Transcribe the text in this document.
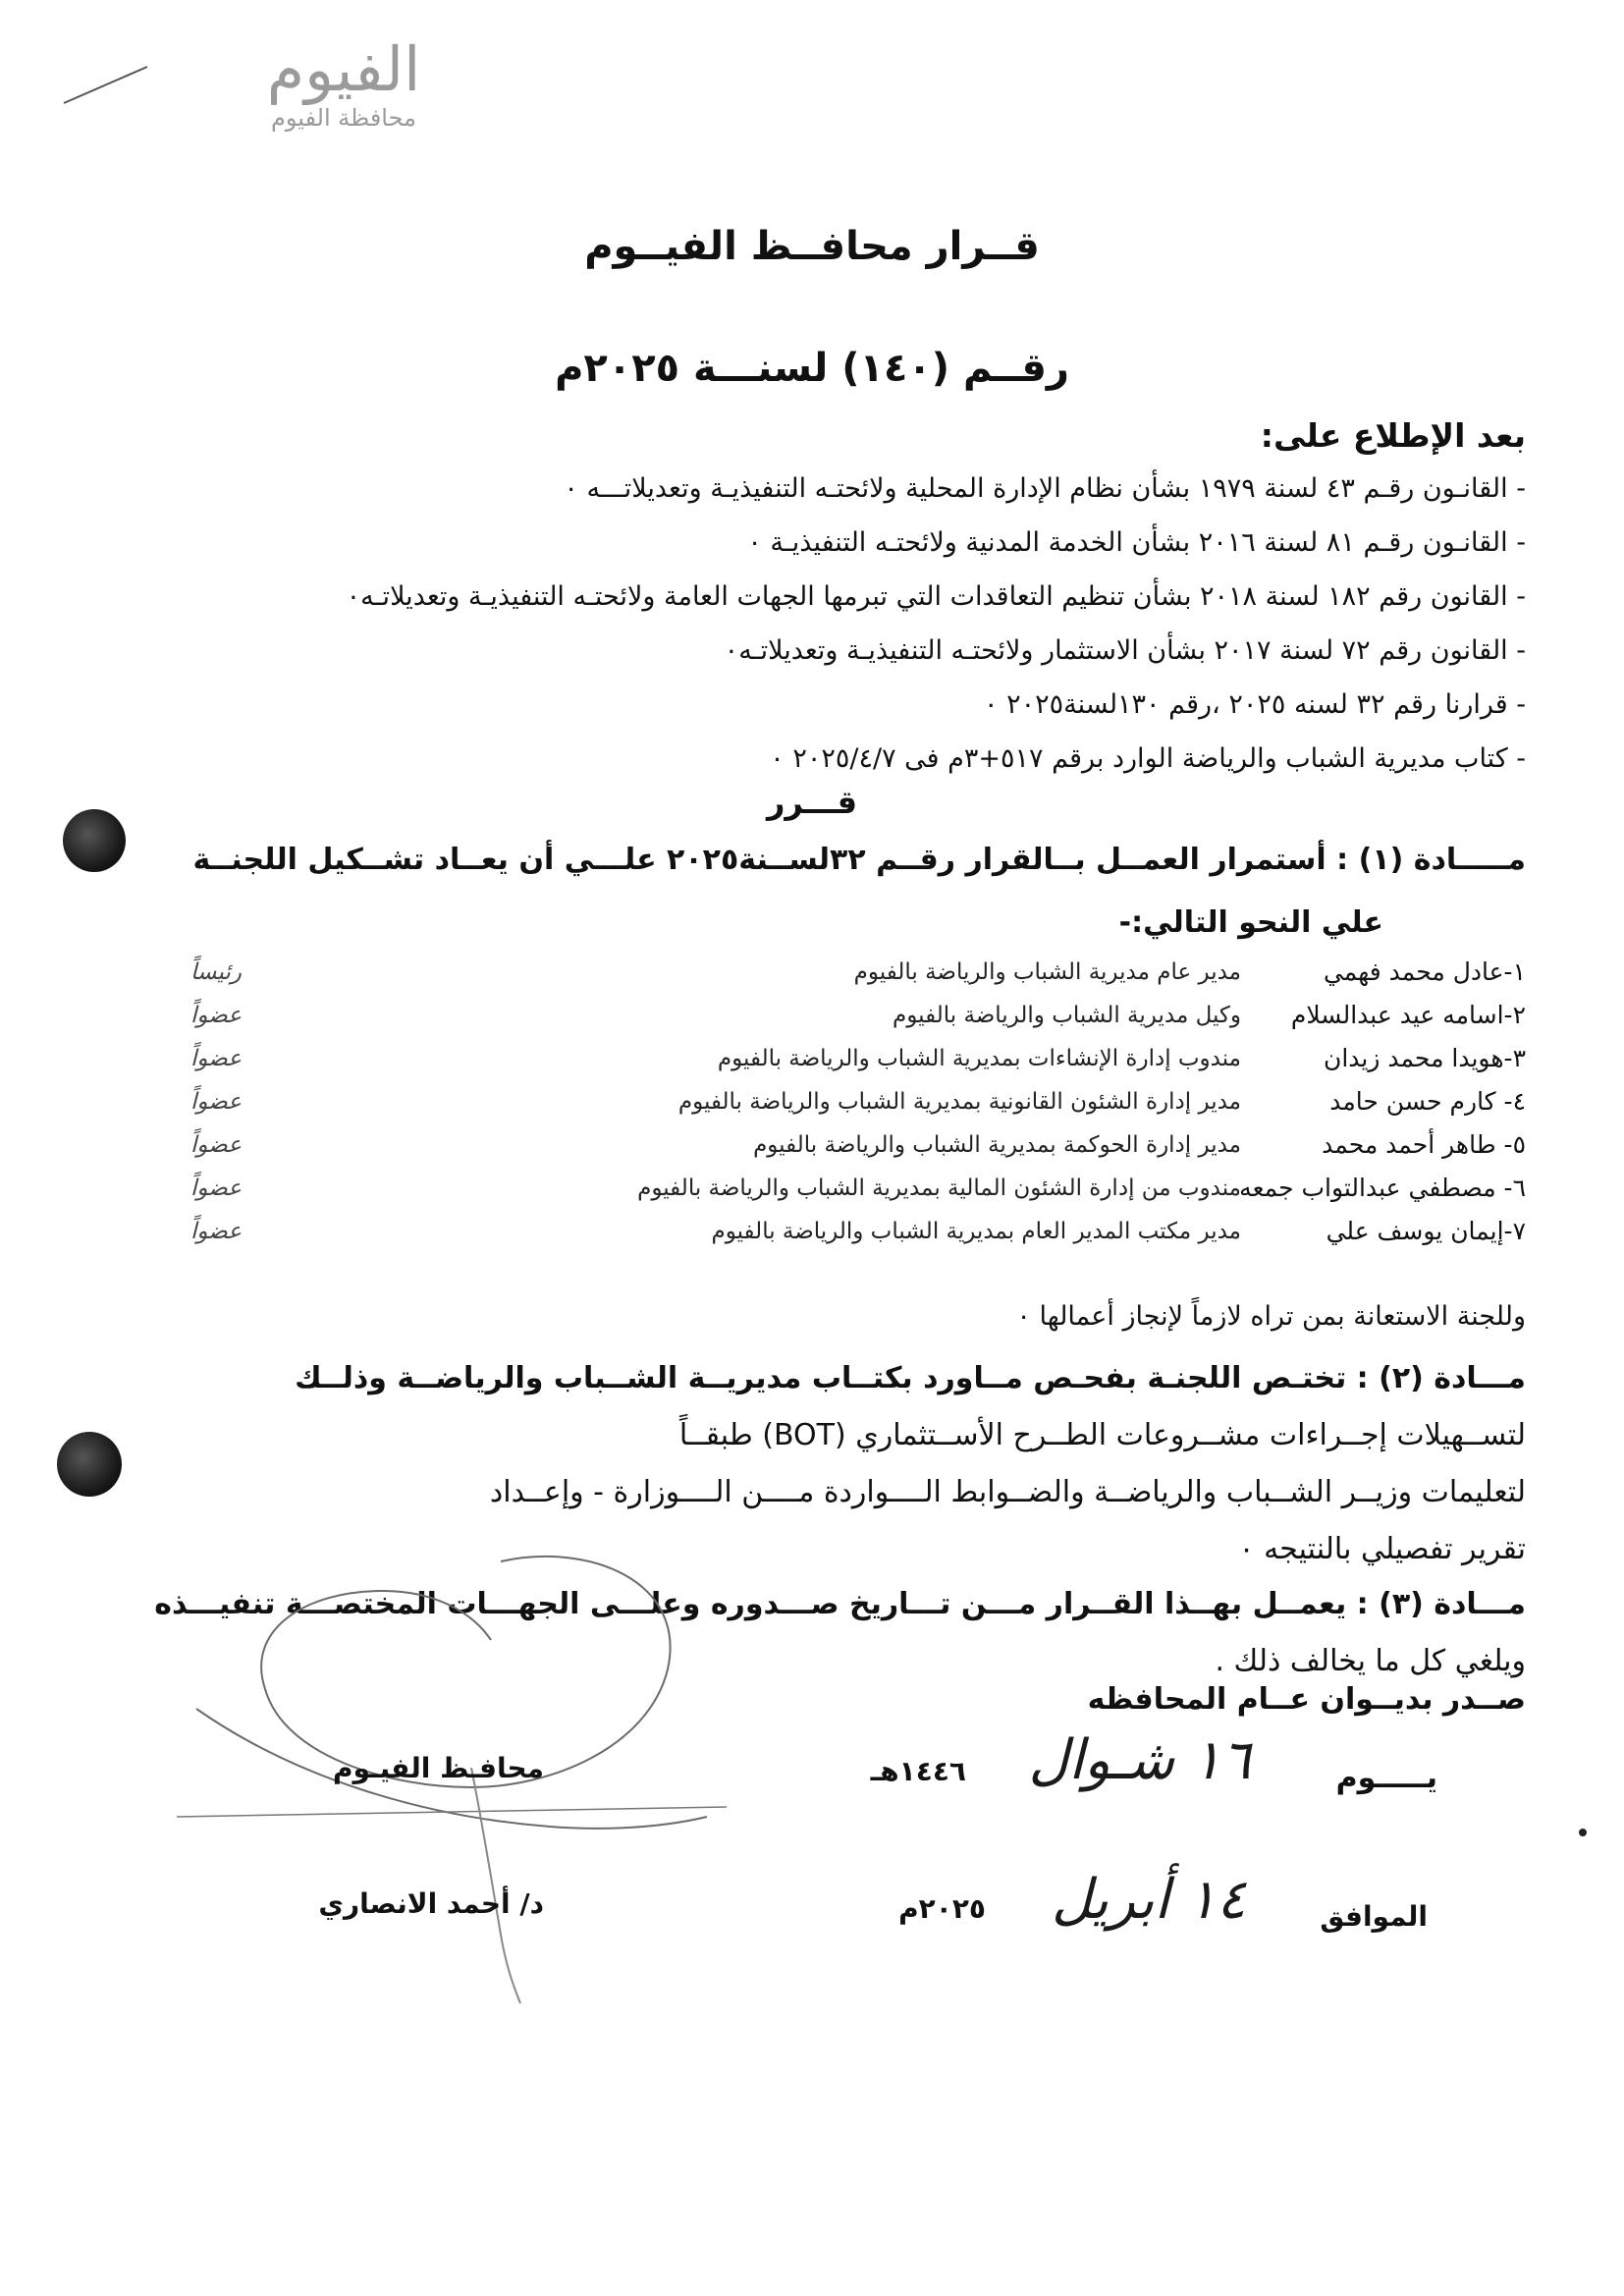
الفيوم
محافظة الفيوم
قــرار محافــظ الفيــوم
رقــم (١٤٠) لسنـــة ٢٠٢٥م
بعد الإطلاع على:
- القانـون رقـم ٤٣ لسنة ١٩٧٩ بشأن نظام الإدارة المحلية ولائحتـه التنفيذيـة وتعديلاتـــه ٠
- القانـون رقـم ٨١ لسنة ٢٠١٦ بشأن الخدمة المدنية ولائحتـه التنفيذيـة ٠
- القانون رقم ١٨٢ لسنة ٢٠١٨ بشأن تنظيم التعاقدات التي تبرمها الجهات العامة ولائحتـه التنفيذيـة وتعديلاتـه٠
- القانون رقم ٧٢ لسنة ٢٠١٧ بشأن الاستثمار ولائحتـه التنفيذيـة وتعديلاتـه٠
- قرارنا رقم ٣٢ لسنه ٢٠٢٥ ،رقم ١٣٠لسنة٢٠٢٥ ٠
- كتاب مديرية الشباب والرياضة الوارد برقم ٥١٧+٣م فى ٢٠٢٥/٤/٧ ٠
قـــرر
مـــــادة (١) : أستمرار العمــل بــالقرار رقــم ٣٢لســنة٢٠٢٥ علـــي أن يعــاد تشــكيل اللجنــة
علي النحو التالي:-
١-عادل محمد فهمي
مدير عام مديرية الشباب والرياضة بالفيوم
رئيساً
٢-اسامه عيد عبدالسلام
وكيل مديرية الشباب والرياضة بالفيوم
عضواً
٣-هويدا محمد زيدان
مندوب إدارة الإنشاءات بمديرية الشباب والرياضة بالفيوم
عضواً
٤- كارم حسن حامد
مدير إدارة الشئون القانونية بمديرية الشباب والرياضة بالفيوم
عضواً
٥- طاهر أحمد محمد
مدير إدارة الحوكمة بمديرية الشباب والرياضة بالفيوم
عضواً
٦- مصطفي عبدالتواب جمعه
مندوب من إدارة الشئون المالية بمديرية الشباب والرياضة بالفيوم
عضواً
٧-إيمان يوسف علي
مدير مكتب المدير العام بمديرية الشباب والرياضة بالفيوم
عضواً
وللجنة الاستعانة بمن تراه لازماً لإنجاز أعمالها ٠
مـــادة (٢) : تختـص اللجنـة بفحـص مــاورد بكتــاب مديريــة الشــباب والرياضــة وذلــك
لتســهيلات إجــراءات مشــروعات الطــرح الأســتثماري (BOT) طبقــاً
لتعليمات وزيــر الشــباب والرياضــة والضــوابط الــــواردة مــــن الــــوزارة - وإعــداد
تقرير تفصيلي بالنتيجه ٠
مـــادة (٣) : يعمــل بهــذا القــرار مـــن تـــاريخ صـــدوره وعلـــى الجهـــات المختصـــة تنفيـــذه
ويلغي كل ما يخالف ذلك .
صــدر بديــوان عــام المحافظه
محافـظ الفيـوم
د/ أحمد الانصاري
يـــــوم
١٦ شـوال
١٤٤٦هـ
الموافق
١٤ أبريل
٢٠٢٥م
